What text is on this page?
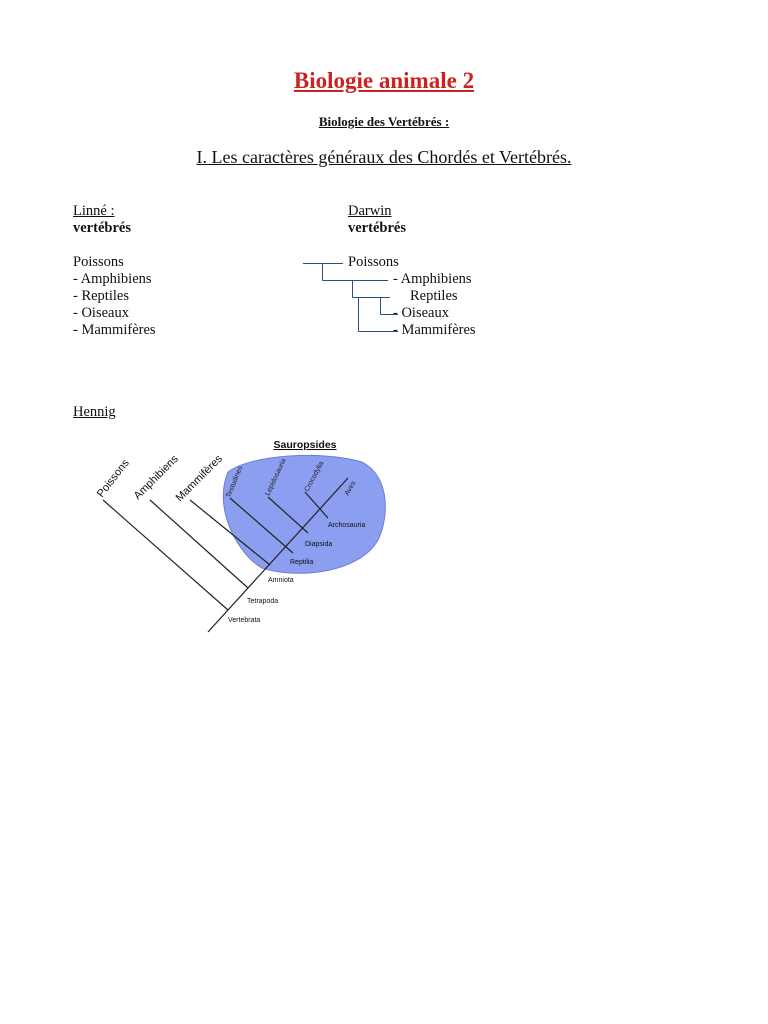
Biologie animale 2
Biologie des Vertébrés :
I. Les caractères généraux des Chordés et Vertébrés.
Linné :
vertébrés
Poissons
- Amphibiens
- Reptiles
- Oiseaux
- Mammifères
Darwin
vertébrés
Poissons
- Amphibiens
Reptiles
- Oiseaux
- Mammifères
Hennig
Sauropsides
Poissons Amphibiens
Mammifères Testudines	Lepidosauria Crocodylia	Aves
Vertebrata
Tetrapoda
Amniota
Reptilia
Diapsida
Archosauria
